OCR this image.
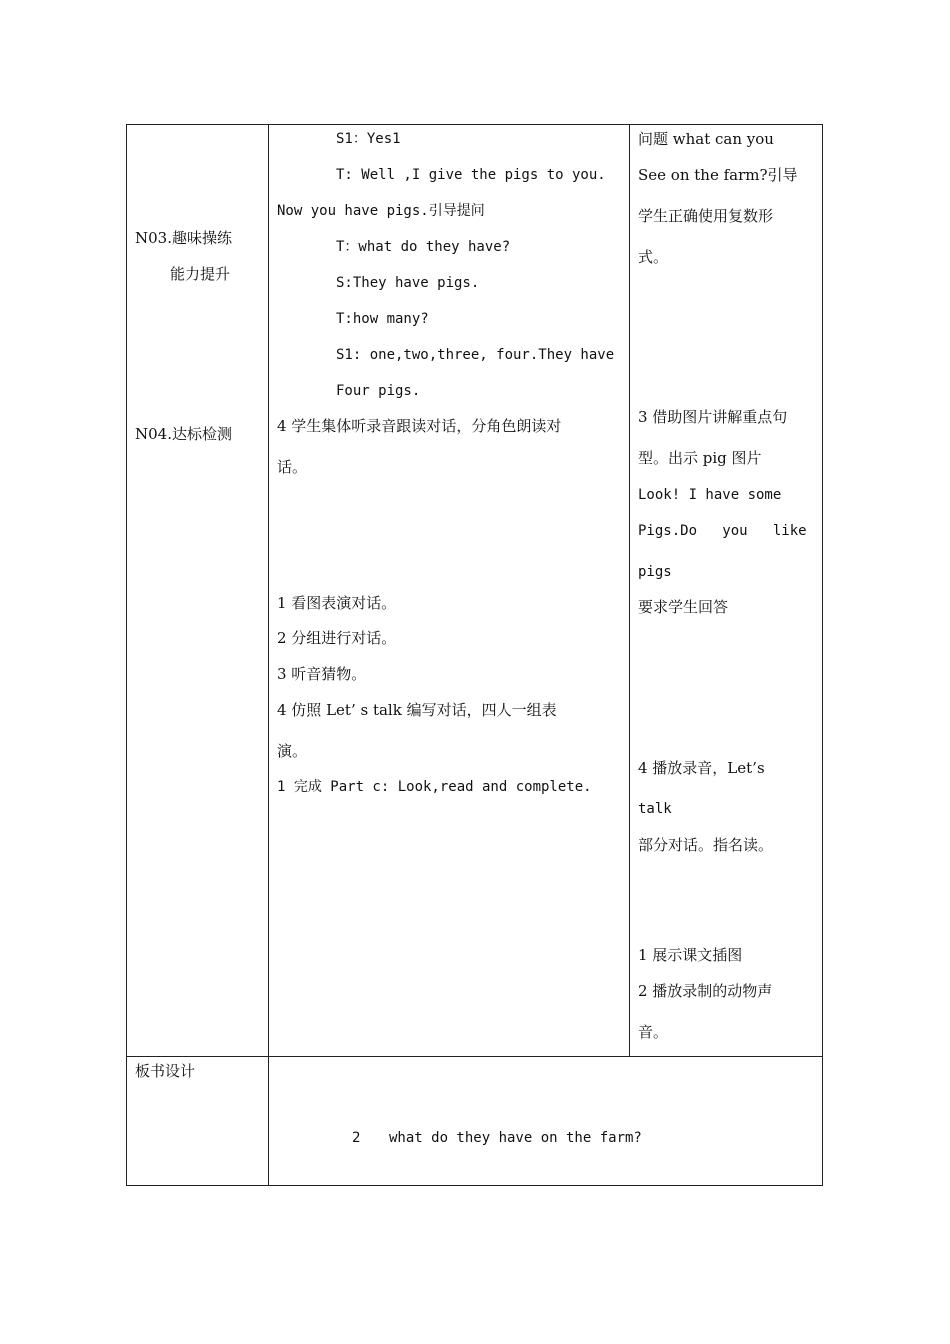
N03.趣味操练
能力提升
N04.达标检测
板书设计
S1：Yes1
T: Well ,I give the pigs to you.
Now you have pigs.引导提问
T：what do they have?
S:They have pigs.
T:how many?
S1: one,two,three, four.They have
Four pigs.
4 学生集体听录音跟读对话，分角色朗读对
话。
1 看图表演对话。
2 分组进行对话。
3 听音猜物。
4 仿照 Let’ s talk 编写对话，四人一组表
演。
1 完成 Part c: Look,read and complete.
问题 what can you
See on the farm?引导
学生正确使用复数形
式。
3 借助图片讲解重点句
型。出示 pig 图片
Look! I have some
Pigs.Do   you   like
pigs
要求学生回答
4 播放录音，Let’s
talk
部分对话。指名读。
1 展示课文插图
2 播放录制的动物声
音。
2 what do they have on the farm?
